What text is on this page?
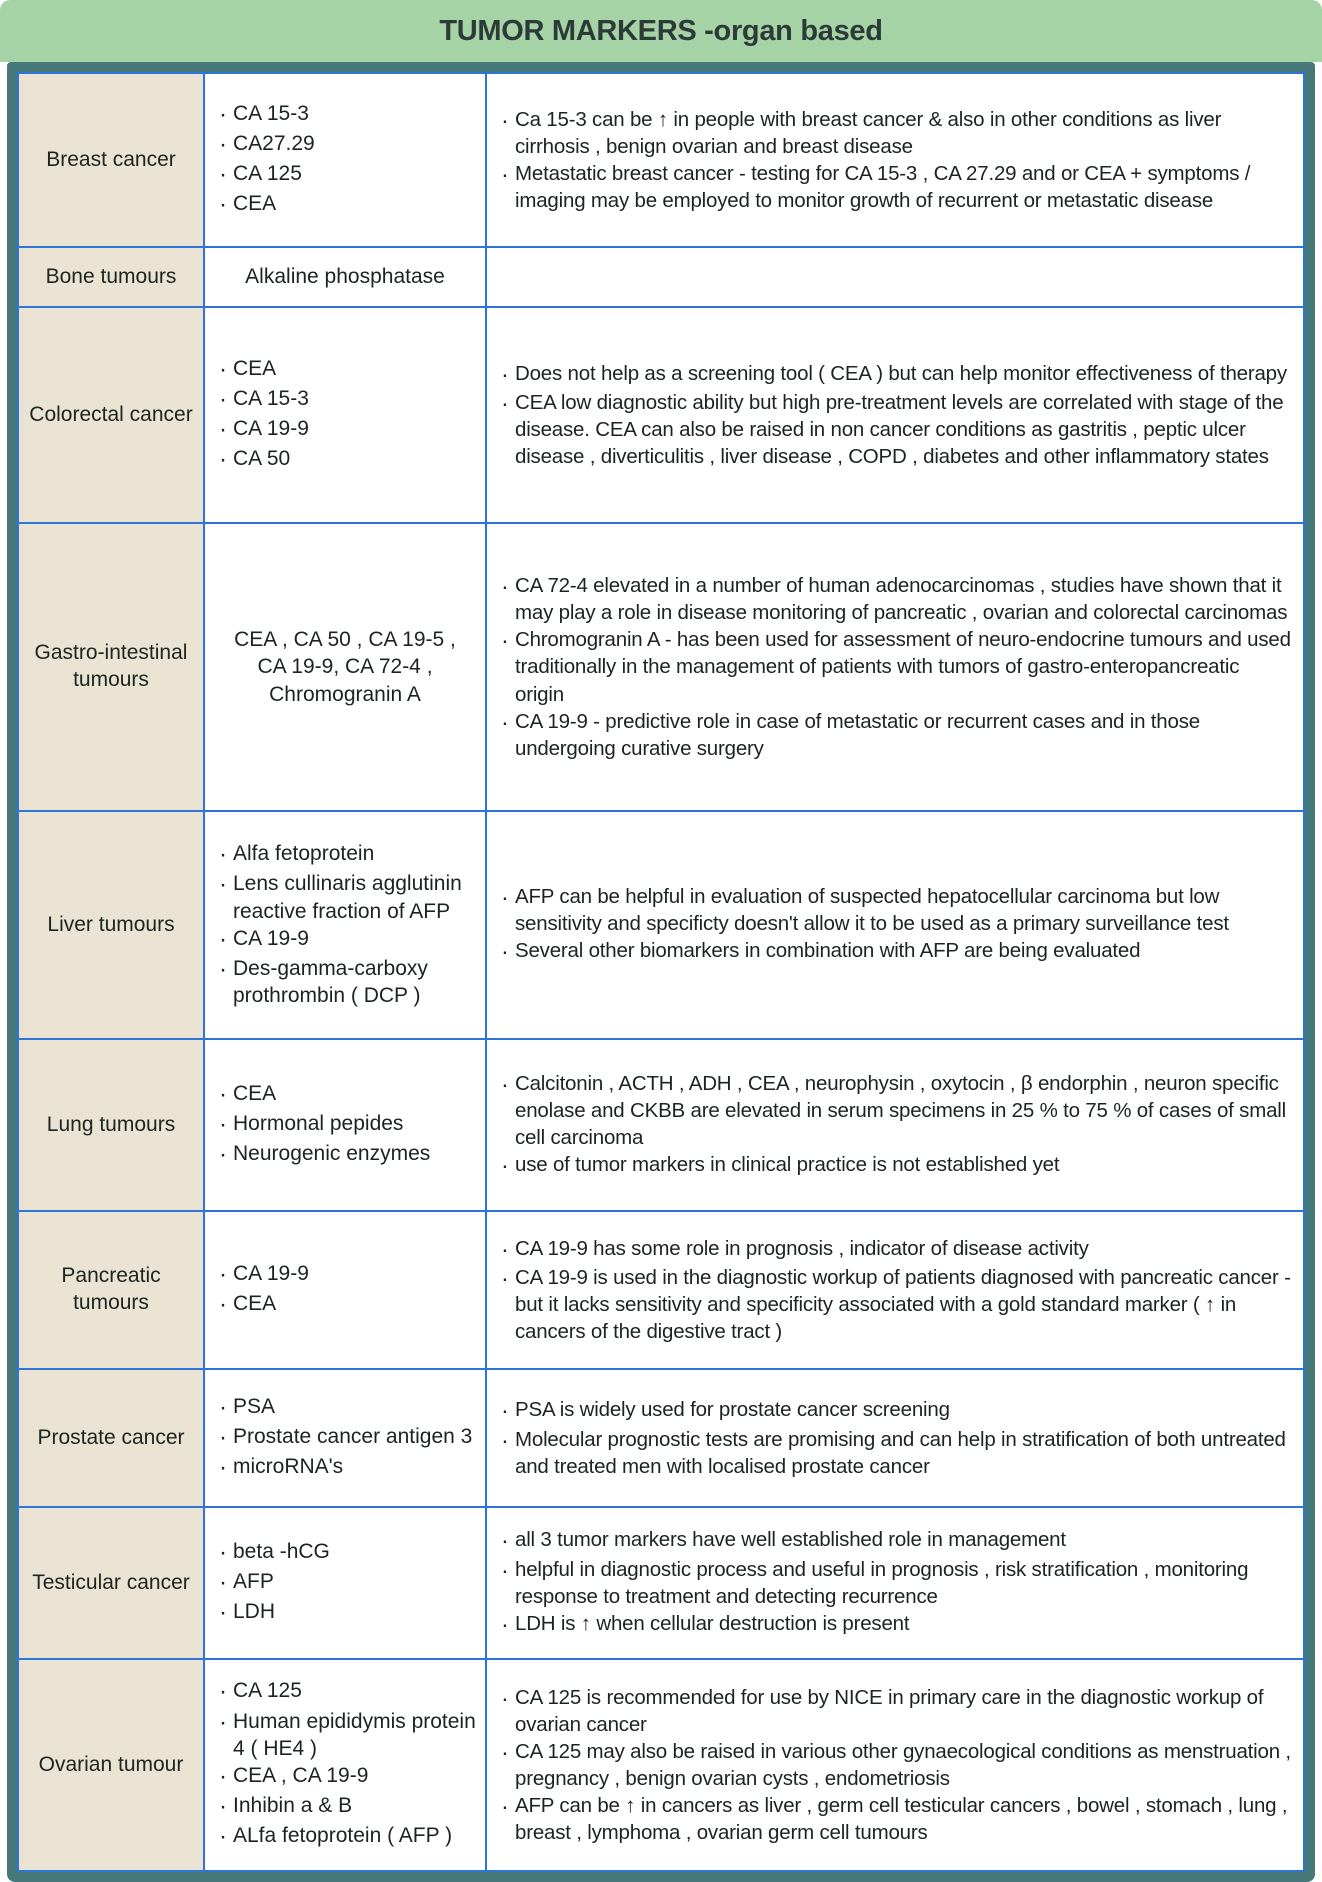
TUMOR MARKERS -organ based
Breast cancer
· CA 15-3
· CA27.29
· CA 125
· CEA
· Ca 15-3 can be ↑ in people with breast cancer & also in other conditions as liver cirrhosis , benign ovarian and breast disease
· Metastatic breast cancer - testing for CA 15-3 , CA 27.29 and or CEA + symptoms / imaging may be employed to monitor growth of recurrent or metastatic disease
Bone tumours	Alkaline phosphatase
Colorectal cancer
· CEA
· CA 15-3
· CA 19-9
· CA 50
· Does not help as a screening tool ( CEA ) but can help monitor effectiveness of therapy
· CEA low diagnostic ability but high pre-treatment levels are correlated with stage of the disease. CEA can also be raised in non cancer conditions as gastritis , peptic ulcer disease , diverticulitis , liver disease , COPD , diabetes and other inflammatory states
Gastro-intestinal tumours
CEA , CA 50 , CA 19-5 , CA 19-9, CA 72-4 , Chromogranin A
· CA 72-4 elevated in a number of human adenocarcinomas , studies have shown that it may play a role in disease monitoring of pancreatic , ovarian and colorectal carcinomas
· Chromogranin A - has been used for assessment of neuro-endocrine tumours and used traditionally in the management of patients with tumors of gastro-enteropancreatic origin
· CA 19-9 - predictive role in case of metastatic or recurrent cases and in those undergoing curative surgery
Liver tumours
· Alfa fetoprotein
· Lens cullinaris agglutinin reactive fraction of AFP
· CA 19-9
· Des-gamma-carboxy prothrombin ( DCP )
· AFP can be helpful in evaluation of suspected hepatocellular carcinoma but low sensitivity and specificty doesn't allow it to be used as a primary surveillance test
· Several other biomarkers in combination with AFP are being evaluated
Lung tumours
· CEA
· Hormonal pepides
· Neurogenic enzymes
· Calcitonin , ACTH , ADH , CEA , neurophysin , oxytocin , β endorphin , neuron specific enolase and CKBB are elevated in serum specimens in 25 % to 75 % of cases of small cell carcinoma
· use of tumor markers in clinical practice is not established yet
Pancreatic tumours
· CA 19-9
· CEA
· CA 19-9 has some role in prognosis , indicator of disease activity
· CA 19-9 is used in the diagnostic workup of patients diagnosed with pancreatic cancer -but it lacks sensitivity and specificity associated with a gold standard marker ( ↑ in cancers of the digestive tract )
Prostate cancer
· PSA
· Prostate cancer antigen 3
· microRNA's
· PSA is widely used for prostate cancer screening
· Molecular prognostic tests are promising and can help in stratification of both untreated and treated men with localised prostate cancer
Testicular cancer
· beta -hCG
· AFP
· LDH
· all 3 tumor markers have well established role in management
· helpful in diagnostic process and useful in prognosis , risk stratification , monitoring response to treatment and detecting recurrence
· LDH is ↑ when cellular destruction is present
Ovarian tumour
· CA 125
· Human epididymis protein 4 ( HE4 )
· CEA , CA 19-9
· Inhibin a & B
· ALfa fetoprotein ( AFP )
· CA 125 is recommended for use by NICE in primary care in the diagnostic workup of ovarian cancer
· CA 125 may also be raised in various other gynaecological conditions as menstruation , pregnancy , benign ovarian cysts , endometriosis
· AFP can be ↑ in cancers as liver , germ cell testicular cancers , bowel , stomach , lung , breast , lymphoma , ovarian germ cell tumours
